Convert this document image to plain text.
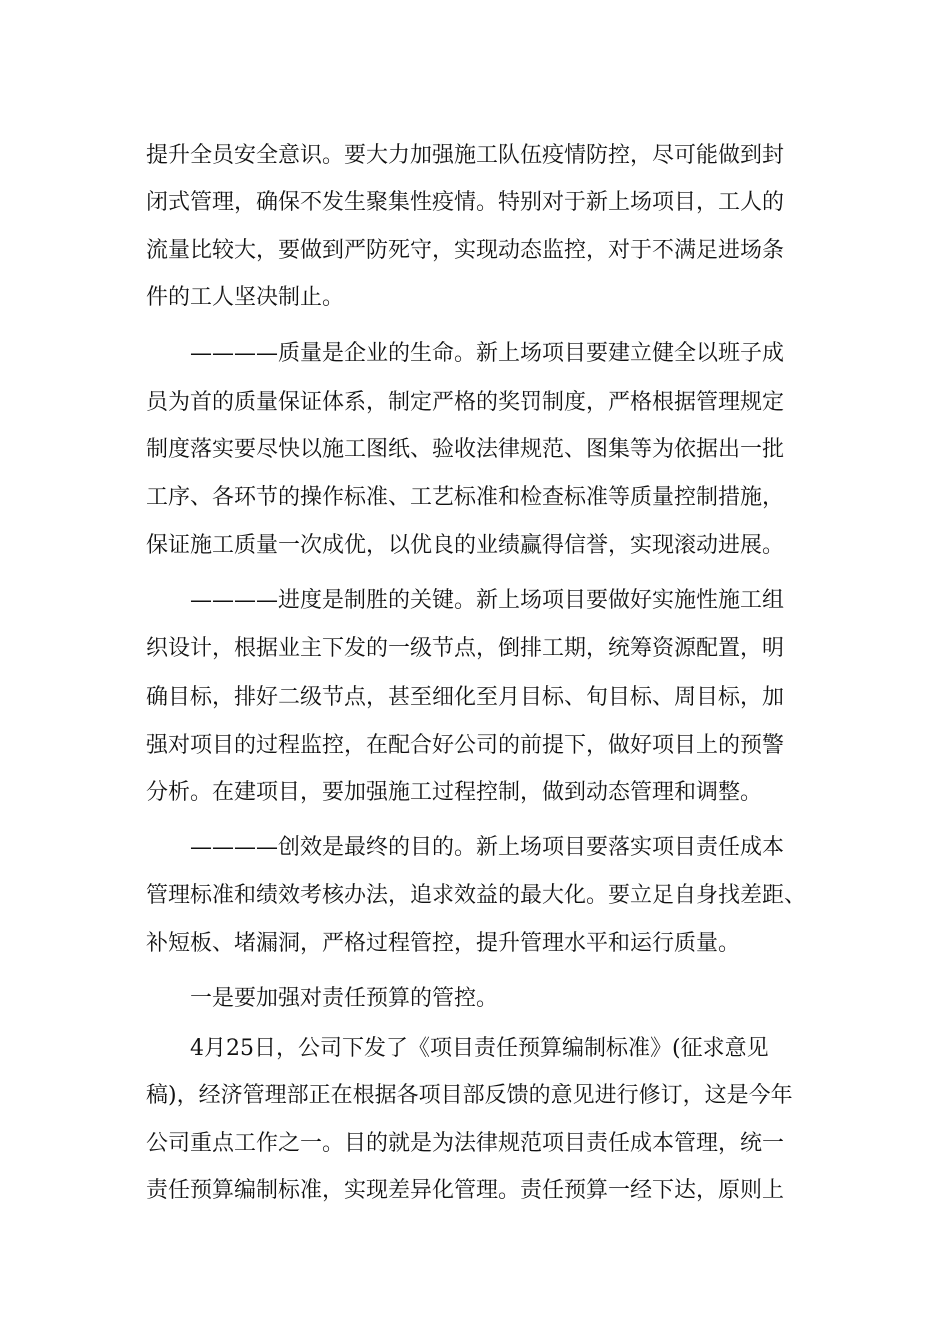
提升全员安全意识。要大力加强施工队伍疫情防控，尽可能做到封
闭式管理，确保不发生聚集性疫情。特别对于新上场项目，工人的
流量比较大，要做到严防死守，实现动态监控，对于不满足进场条
件的工人坚决制止。
————质量是企业的生命。新上场项目要建立健全以班子成
员为首的质量保证体系，制定严格的奖罚制度，严格根据管理规定
制度落实要尽快以施工图纸、验收法律规范、图集等为依据出一批
工序、各环节的操作标准、工艺标准和检查标准等质量控制措施，
保证施工质量一次成优，以优良的业绩赢得信誉，实现滚动进展。
————进度是制胜的关键。新上场项目要做好实施性施工组
织设计，根据业主下发的一级节点，倒排工期，统筹资源配置，明
确目标，排好二级节点，甚至细化至月目标、旬目标、周目标，加
强对项目的过程监控，在配合好公司的前提下，做好项目上的预警
分析。在建项目，要加强施工过程控制，做到动态管理和调整。
————创效是最终的目的。新上场项目要落实项目责任成本
管理标准和绩效考核办法，追求效益的最大化。要立足自身找差距、
补短板、堵漏洞，严格过程管控，提升管理水平和运行质量。
一是要加强对责任预算的管控。
4月25日，公司下发了《项目责任预算编制标准》(征求意见
稿)，经济管理部正在根据各项目部反馈的意见进行修订，这是今年
公司重点工作之一。目的就是为法律规范项目责任成本管理，统一
责任预算编制标准，实现差异化管理。责任预算一经下达，原则上
